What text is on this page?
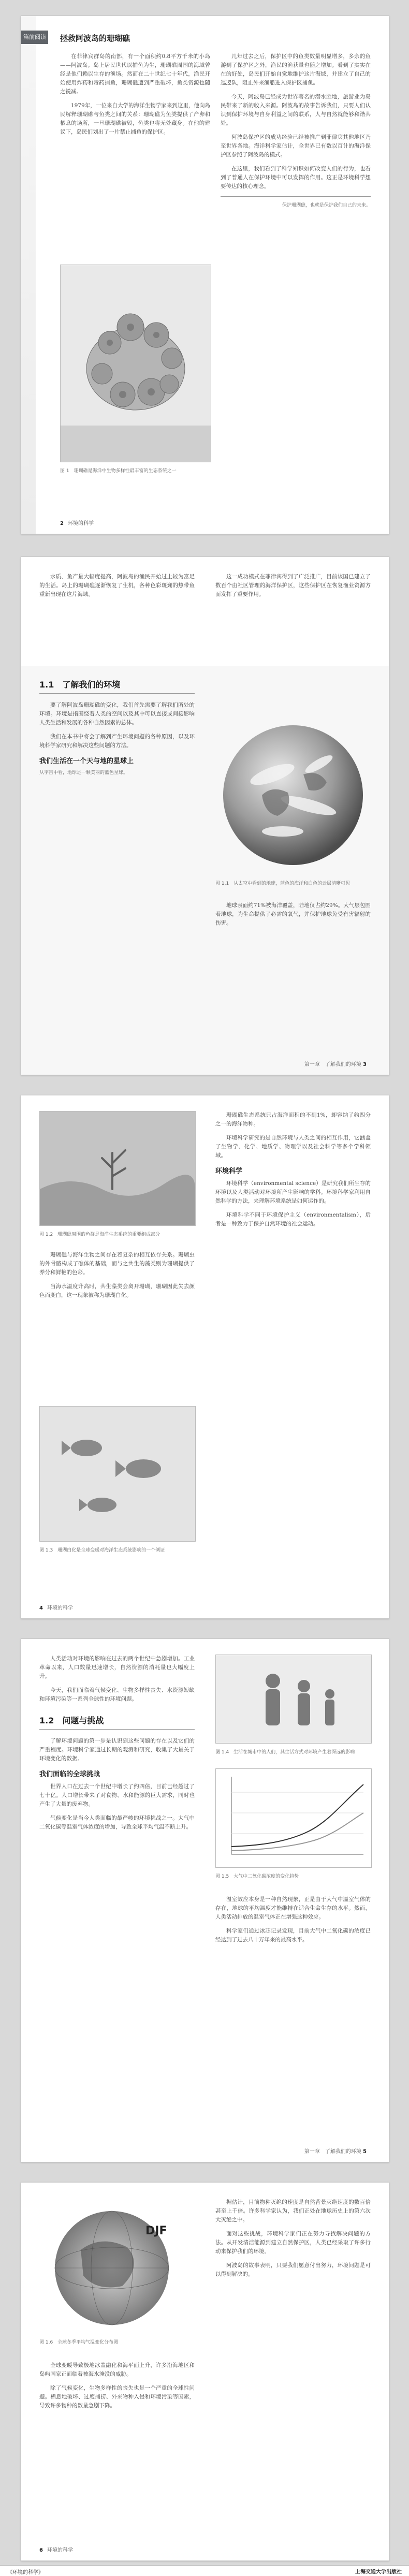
篇前阅读 拯救阿波岛的珊瑚礁

在菲律宾群岛的南部，有一个面积约0.8平方千米的小岛——阿波岛。岛上居民世代以捕鱼为生，珊瑚礁周围的海域曾经是他们赖以生存的渔场。然而在二十世纪七十年代，渔民开始使用炸药和毒药捕鱼，珊瑚礁遭到严重破坏，鱼类资源也随之锐减。

1979年，一位来自大学的海洋生物学家来到这里，他向岛民解释珊瑚礁与鱼类之间的关系：珊瑚礁为鱼类提供了产卵和栖息的场所，一旦珊瑚礁被毁，鱼类也将无处藏身。在他的建议下，岛民们划出了一片禁止捕鱼的保护区。

图 1　珊瑚礁是海洋中生物多样性最丰富的生态系统之一

几年过去之后，保护区中的鱼类数量明显增多，多余的鱼游到了保护区之外，渔民的渔获量也随之增加。看到了实实在在的好处，岛民们开始自觉地维护这片海域，并建立了自己的巡逻队，阻止外来渔船进入保护区捕鱼。

今天，阿波岛已经成为世界著名的潜水胜地，旅游业为岛民带来了新的收入来源。阿波岛的故事告诉我们，只要人们认识到保护环境与自身利益之间的联系，人与自然就能够和谐共处。

阿波岛保护区的成功经验已经被推广到菲律宾其他地区乃至世界各地。海洋科学家估计，全世界已有数以百计的海洋保护区参照了阿波岛的模式。

在这里，我们看到了科学知识如何改变人们的行为，也看到了普通人在保护环境中可以发挥的作用。这正是环境科学想要传达的核心理念。

保护珊瑚礁，也就是保护我们自己的未来。
2 环境的科学

水质、鱼产量大幅度提高，阿波岛的渔民开始过上较为富足的生活。岛上的珊瑚礁逐渐恢复了生机，各种色彩斑斓的热带鱼重新出现在这片海域。

这一成功模式在菲律宾得到了广泛推广，目前该国已建立了数百个由社区管理的海洋保护区，这些保护区在恢复渔业资源方面发挥了重要作用。

1.1　了解我们的环境

要了解阿波岛珊瑚礁的变化，我们首先需要了解我们所处的环境。环境是指围绕着人类的空间以及其中可以直接或间接影响人类生活和发展的各种自然因素的总体。

我们在本书中将会了解到产生环境问题的各种原因，以及环境科学家研究和解决这些问题的方法。

我们生活在一个天与地的星球上
从宇宙中看，地球是一颗美丽的蓝色星球。
图 1.1　从太空中看到的地球，蓝色的海洋和白色的云层清晰可见

地球表面约71%被海洋覆盖，陆地仅占约29%。大气层包围着地球，为生命提供了必需的氧气，并保护地球免受有害辐射的伤害。

第一章　了解我们的环境 3
图 1.2　珊瑚礁周围的鱼群是海洋生态系统的重要组成部分

珊瑚礁与海洋生物之间存在着复杂的相互依存关系。珊瑚虫的外骨骼构成了礁体的基础，而与之共生的藻类则为珊瑚提供了养分和鲜艳的色彩。

当海水温度升高时，共生藻类会离开珊瑚，珊瑚因此失去颜色而变白，这一现象被称为珊瑚白化。

图 1.3　珊瑚白化是全球变暖对海洋生态系统影响的一个例证

珊瑚礁生态系统只占海洋面积的不到1%，却容纳了约四分之一的海洋物种。

环境科学研究的是自然环境与人类之间的相互作用，它涵盖了生物学、化学、地质学、物理学以及社会科学等多个学科领域。

环境科学

环境科学（environmental science）是研究我们所生存的环境以及人类活动对环境所产生影响的学科。环境科学家利用自然科学的方法，来理解环境系统是如何运作的。

环境科学不同于环境保护主义（environmentalism），后者是一种致力于保护自然环境的社会运动。

4 环境的科学

人类活动对环境的影响在过去的两个世纪中急剧增加。工业革命以来，人口数量迅速增长，自然资源的消耗量也大幅度上升。

今天，我们面临着气候变化、生物多样性丧失、水资源短缺和环境污染等一系列全球性的环境问题。

1.2　问题与挑战

了解环境问题的第一步是认识到这些问题的存在以及它们的严重程度。环境科学家通过长期的观测和研究，收集了大量关于环境变化的数据。

我们面临的全球挑战

世界人口在过去一个世纪中增长了约四倍，目前已经超过了七十亿。人口增长带来了对食物、水和能源的巨大需求，同时也产生了大量的废弃物。

气候变化是当今人类面临的最严峻的环境挑战之一。大气中二氧化碳等温室气体浓度的增加，导致全球平均气温不断上升。

图 1.4　生活在城市中的人们，其生活方式对环境产生着深远的影响
图 1.5　大气中二氧化碳浓度的变化趋势

温室效应本身是一种自然现象，正是由于大气中温室气体的存在，地球的平均温度才能维持在适合生命生存的水平。然而，人类活动排放的温室气体正在增强这种效应。

科学家们通过冰芯记录发现，目前大气中二氧化碳的浓度已经达到了过去八十万年来的最高水平。

第一章　了解我们的环境 5
DJF
图 1.6　全球冬季平均气温变化分布图

全球变暖导致极地冰盖融化和海平面上升，许多沿海地区和岛屿国家正面临着被海水淹没的威胁。

除了气候变化，生物多样性的丧失也是一个严重的全球性问题。栖息地破坏、过度捕捞、外来物种入侵和环境污染等因素，导致许多物种的数量急剧下降。

据估计，目前物种灭绝的速度是自然背景灭绝速度的数百倍甚至上千倍。许多科学家认为，我们正处在地球历史上的第六次大灭绝之中。

面对这些挑战，环境科学家们正在努力寻找解决问题的方法。从开发清洁能源到建立自然保护区，人类已经采取了许多行动来保护我们的环境。

阿波岛的故事表明，只要我们愿意付出努力，环境问题是可以得到解决的。

6 环境的科学
《环境的科学》	上海交通大学出版社
